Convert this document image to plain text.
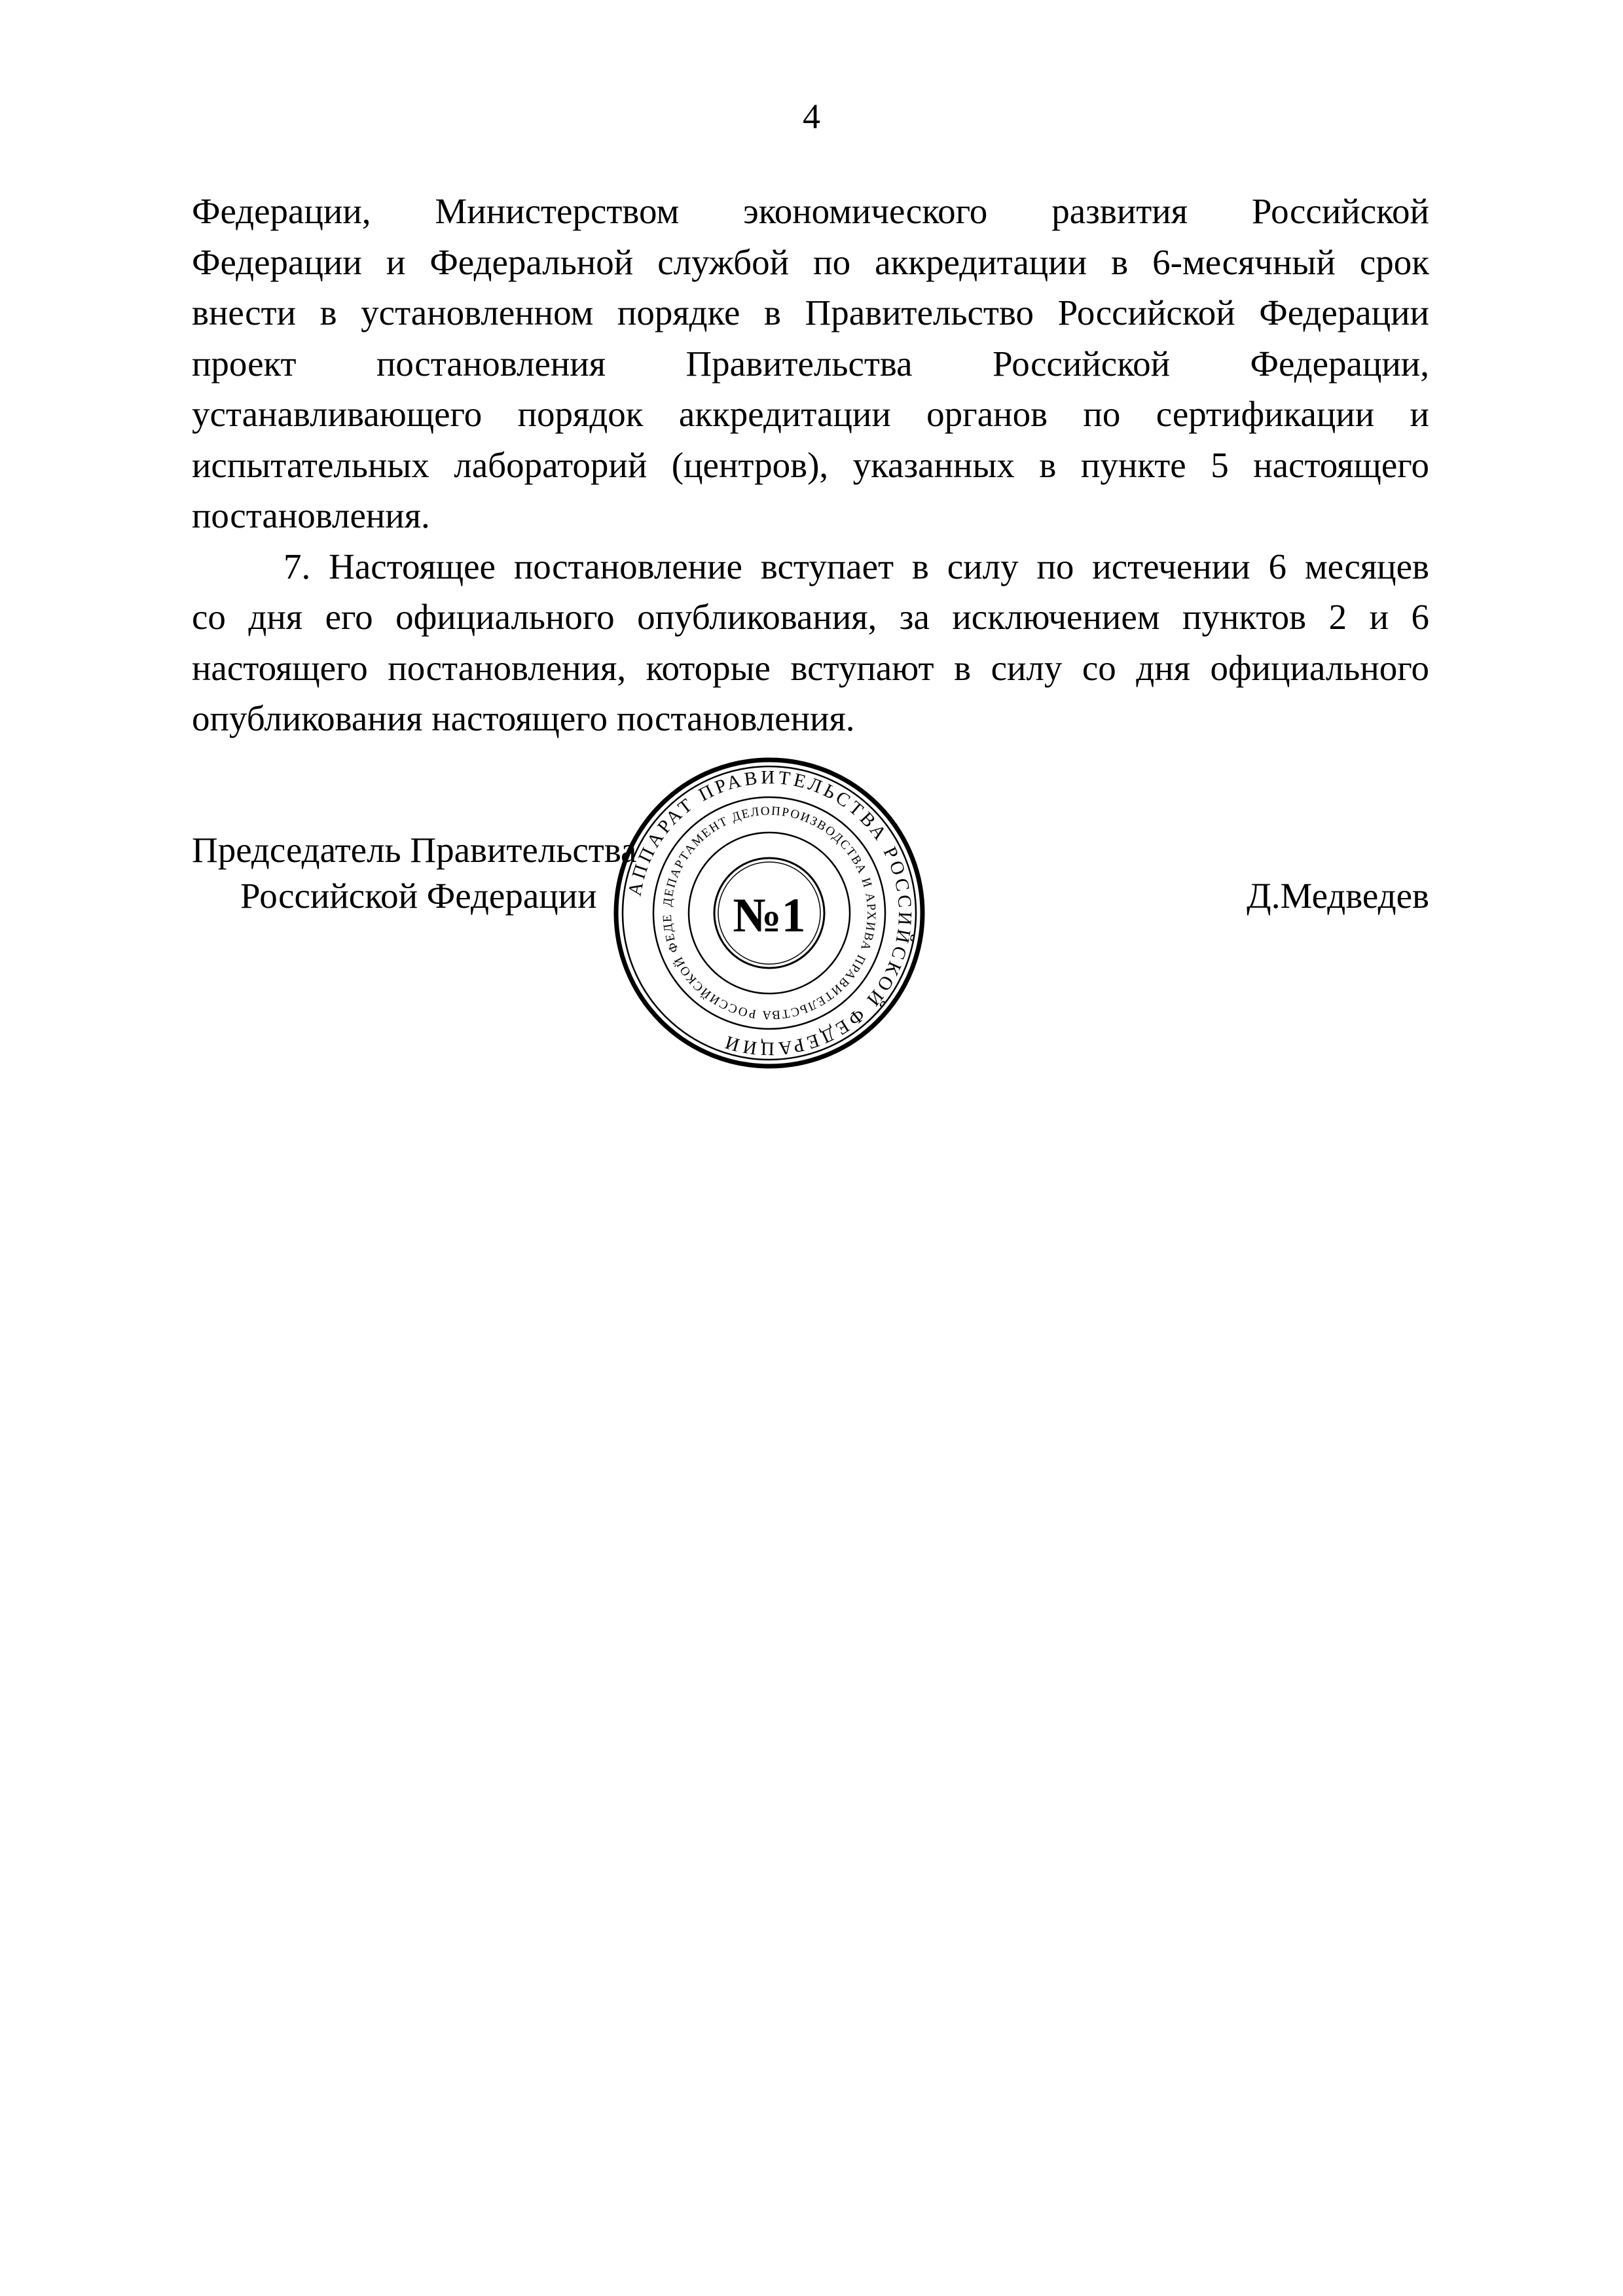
4
Федерации, Министерством экономического развития Российской
Федерации и Федеральной службой по аккредитации в 6-месячный срок
внести в установленном порядке в Правительство Российской Федерации
проект постановления Правительства Российской Федерации,
устанавливающего порядок аккредитации органов по сертификации и
испытательных лабораторий (центров), указанных в пункте 5 настоящего
постановления.
7. Настоящее постановление вступает в силу по истечении 6 месяцев
со дня его официального опубликования, за исключением пунктов 2 и 6
настоящего постановления, которые вступают в силу со дня официального
опубликования настоящего постановления.
Председатель Правительства
Российской Федерации	Д.Медведев
АППАРАТ ПРАВИТЕЛЬСТВА РОССИЙСКОЙ ФЕДЕРАЦИИ
ДЕПАРТАМЕНТ ДЕЛОПРОИЗВОДСТВА И АРХИВА ПРАВИТЕЛЬСТВА РОССИЙСКОЙ ФЕДЕ	№1
